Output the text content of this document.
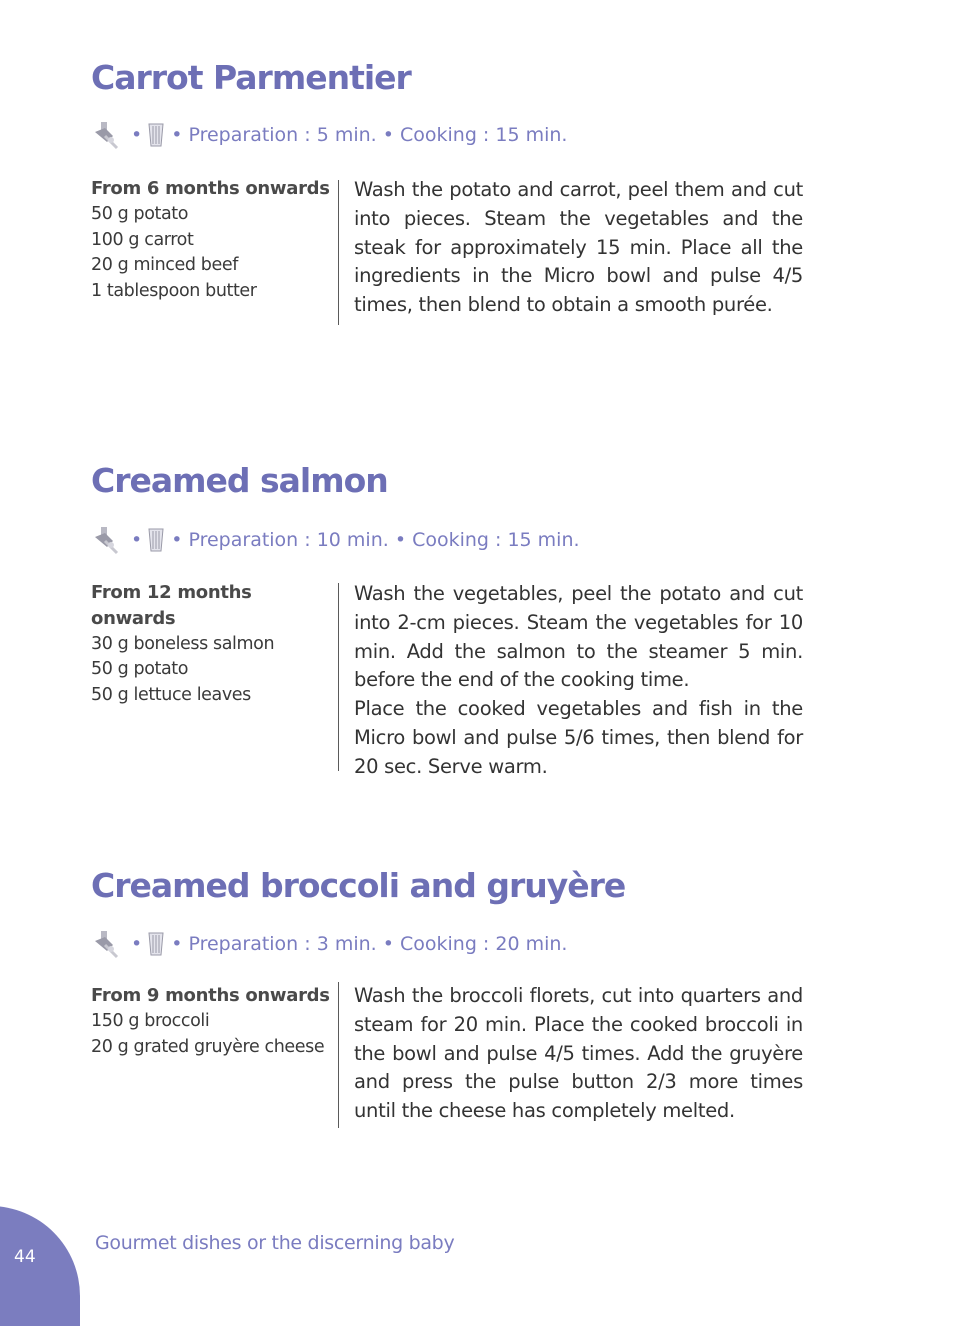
Carrot Parmentier
• • Preparation : 5 min. • Cooking : 15 min.
From 6 months onwards
50 g potato
100 g carrot
20 g minced beef
1 tablespoon butter

Wash the potato and carrot, peel them and cut into pieces. Steam the vegetables and the steak for approximately 15 min. Place all the ingredients in the Micro bowl and pulse 4/5 times, then blend to obtain a smooth purée.

Creamed salmon
• • Preparation : 10 min. • Cooking : 15 min.
From 12 months onwards
30 g boneless salmon
50 g potato
50 g lettuce leaves

Wash the vegetables, peel the potato and cut into 2-cm pieces. Steam the vegetables for 10 min. Add the salmon to the steamer 5 min. before the end of the cooking time.

Place the cooked vegetables and fish in the Micro bowl and pulse 5/6 times, then blend for 20 sec. Serve warm.

Creamed broccoli and gruyère
• • Preparation : 3 min. • Cooking : 20 min.
From 9 months onwards
150 g broccoli
20 g grated gruyère cheese

Wash the broccoli florets, cut into quarters and steam for 20 min. Place the cooked broccoli in the bowl and pulse 4/5 times. Add the gruyère and press the pulse button 2/3 more times until the cheese has completely melted.

44
Gourmet dishes or the discerning baby
